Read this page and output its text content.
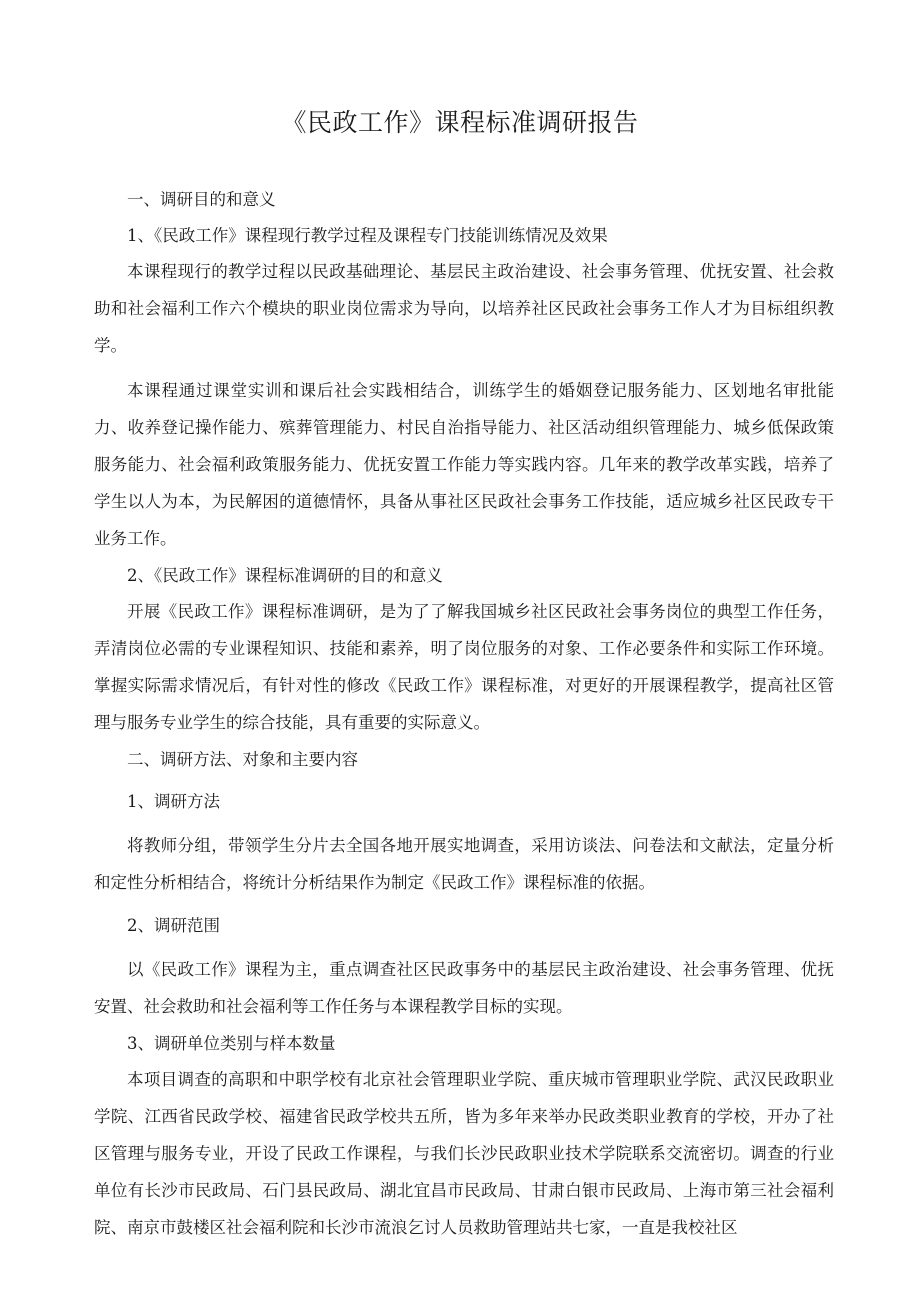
《民政工作》课程标准调研报告
一、调研目的和意义
1、《民政工作》课程现行教学过程及课程专门技能训练情况及效果

本课程现行的教学过程以民政基础理论、基层民主政治建设、社会事务管理、优抚安置、社会救助和社会福利工作六个模块的职业岗位需求为导向，以培养社区民政社会事务工作人才为目标组织教学。

本课程通过课堂实训和课后社会实践相结合，训练学生的婚姻登记服务能力、区划地名审批能力、收养登记操作能力、殡葬管理能力、村民自治指导能力、社区活动组织管理能力、城乡低保政策服务能力、社会福利政策服务能力、优抚安置工作能力等实践内容。几年来的教学改革实践，培养了学生以人为本，为民解困的道德情怀，具备从事社区民政社会事务工作技能，适应城乡社区民政专干业务工作。

2、《民政工作》课程标准调研的目的和意义

开展《民政工作》课程标准调研，是为了了解我国城乡社区民政社会事务岗位的典型工作任务，弄清岗位必需的专业课程知识、技能和素养，明了岗位服务的对象、工作必要条件和实际工作环境。掌握实际需求情况后，有针对性的修改《民政工作》课程标准，对更好的开展课程教学，提高社区管理与服务专业学生的综合技能，具有重要的实际意义。

二、调研方法、对象和主要内容
1、调研方法

将教师分组，带领学生分片去全国各地开展实地调查，采用访谈法、问卷法和文献法，定量分析和定性分析相结合，将统计分析结果作为制定《民政工作》课程标准的依据。

2、调研范围

以《民政工作》课程为主，重点调查社区民政事务中的基层民主政治建设、社会事务管理、优抚安置、社会救助和社会福利等工作任务与本课程教学目标的实现。

3、调研单位类别与样本数量

本项目调查的高职和中职学校有北京社会管理职业学院、重庆城市管理职业学院、武汉民政职业学院、江西省民政学校、福建省民政学校共五所，皆为多年来举办民政类职业教育的学校，开办了社区管理与服务专业，开设了民政工作课程，与我们长沙民政职业技术学院联系交流密切。调查的行业单位有长沙市民政局、石门县民政局、湖北宜昌市民政局、甘肃白银市民政局、上海市第三社会福利院、南京市鼓楼区社会福利院和长沙市流浪乞讨人员救助管理站共七家，一直是我校社区
